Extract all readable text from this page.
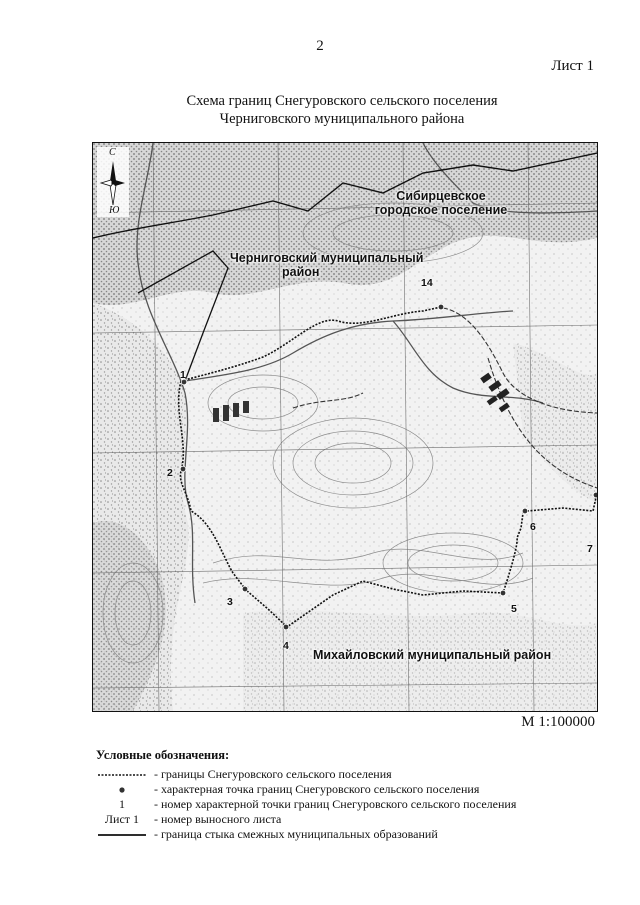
2
Лист 1
Схема границ Снегуровского сельского поселения
Черниговского муниципального района
С
Ю
Сибирцевское
городское поселение
Черниговский муниципальный
район
Михайловский муниципальный район
1
2
3
4
5
6
7
14
М 1:100000
Условные обозначения:
- границы Снегуровского сельского поселения
- характерная точка границ Снегуровского сельского поселения
1	- номер характерной точки границ Снегуровского сельского поселения
Лист 1	- номер выносного листа
- граница стыка смежных муниципальных образований
